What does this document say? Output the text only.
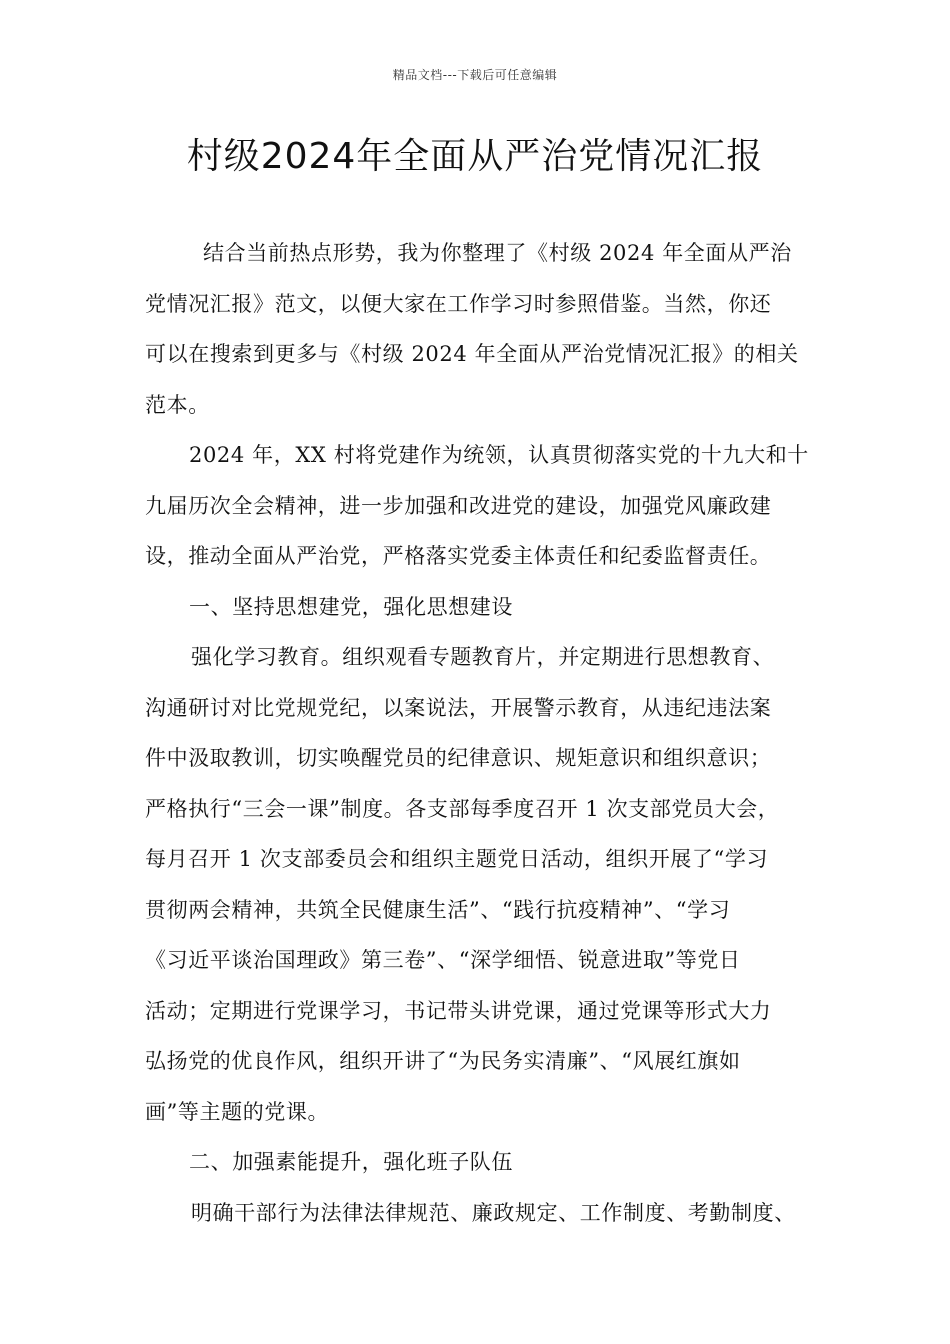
精品文档---下载后可任意编辑
村级2024年全面从严治党情况汇报
结合当前热点形势，我为你整理了《村级 2024 年全面从严治
党情况汇报》范文，以便大家在工作学习时参照借鉴。当然，你还
可以在搜索到更多与《村级 2024 年全面从严治党情况汇报》的相关
范本。
2024 年，XX 村将党建作为统领，认真贯彻落实党的十九大和十
九届历次全会精神，进一步加强和改进党的建设，加强党风廉政建
设，推动全面从严治党，严格落实党委主体责任和纪委监督责任。
一、坚持思想建党，强化思想建设
强化学习教育。组织观看专题教育片，并定期进行思想教育、
沟通研讨对比党规党纪，以案说法，开展警示教育，从违纪违法案
件中汲取教训，切实唤醒党员的纪律意识、规矩意识和组织意识；
严格执行“三会一课”制度。各支部每季度召开 1 次支部党员大会，
每月召开 1 次支部委员会和组织主题党日活动，组织开展了“学习
贯彻两会精神，共筑全民健康生活”、“践行抗疫精神”、“学习
《习近平谈治国理政》第三卷”、“深学细悟、锐意进取”等党日
活动；定期进行党课学习，书记带头讲党课，通过党课等形式大力
弘扬党的优良作风，组织开讲了“为民务实清廉”、“风展红旗如
画”等主题的党课。
二、加强素能提升，强化班子队伍
明确干部行为法律法律规范、廉政规定、工作制度、考勤制度、
